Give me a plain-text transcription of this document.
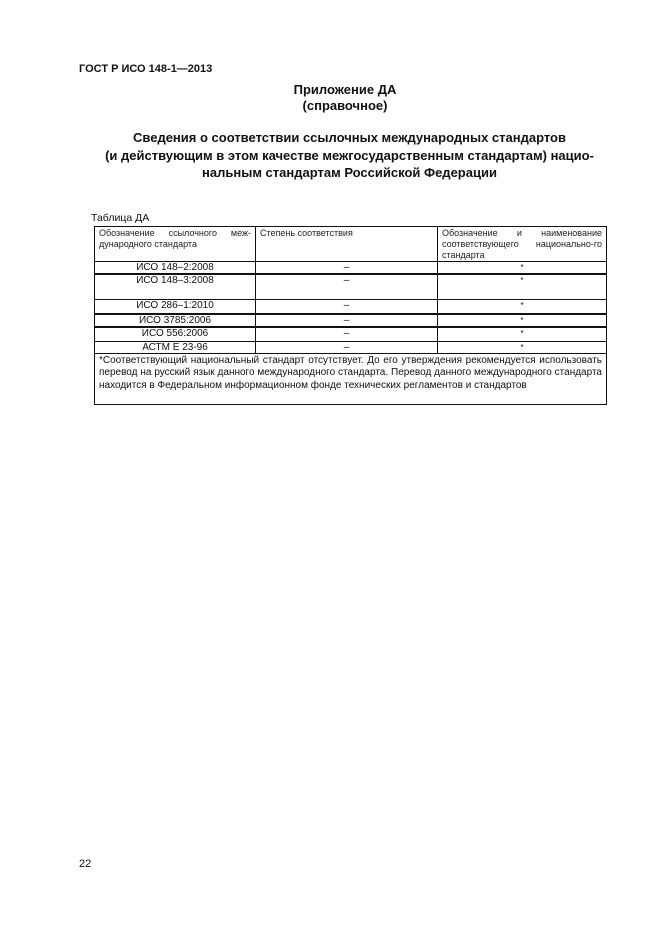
ГОСТ Р ИСО 148-1—2013
Приложение ДА
(справочное)
Сведения о соответствии ссылочных международных стандартов
(и действующим в этом качестве межгосударственным стандартам) нацио-
нальным стандартам Российской Федерации
Таблица ДА
Обозначение ссылочного меж-дународного стандарта	Степень соответствия	Обозначение и наименование соответствующего национально-го стандарта
ИСО 148–2:2008	–	*
ИСО 148–3:2008	–	*
ИСО 286–1:2010	–	*
ИСО 3785:2006	–	*
ИСО 556:2006	–	*
АСТМ Е 23-96	–	*
*Соответствующий национальный стандарт отсутствует. До его утверждения рекомендуется использовать перевод на русский язык данного международного стандарта. Перевод данного международного стандарта находится в Федеральном информационном фонде технических регламентов и стандартов		
22
